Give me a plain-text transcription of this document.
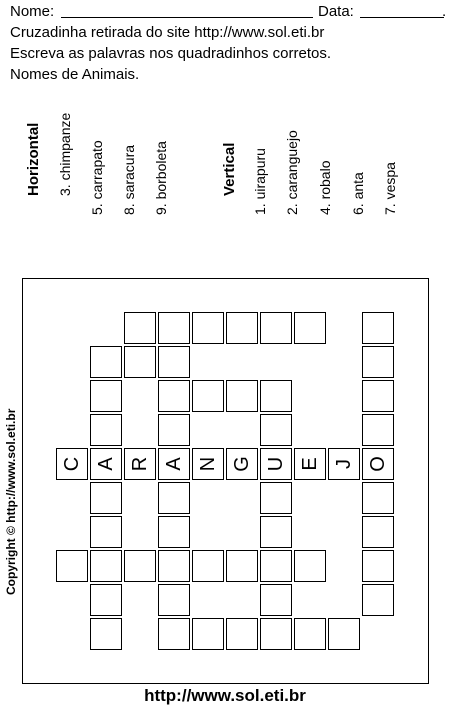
Nome:	Data:	.
Cruzadinha retirada do site http://www.sol.eti.br
Escreva as palavras nos quadradinhos corretos.
Nomes de Animais.
Horizontal 3. chimpanze 5. carrapato 8. saracura 9. borboleta	Vertical 1. uirapuru 2. caranguejo 4. robalo 6. anta 7. vespa
C A R A N G U E J O
Copyright © http://www.sol.eti.br
http://www.sol.eti.br
